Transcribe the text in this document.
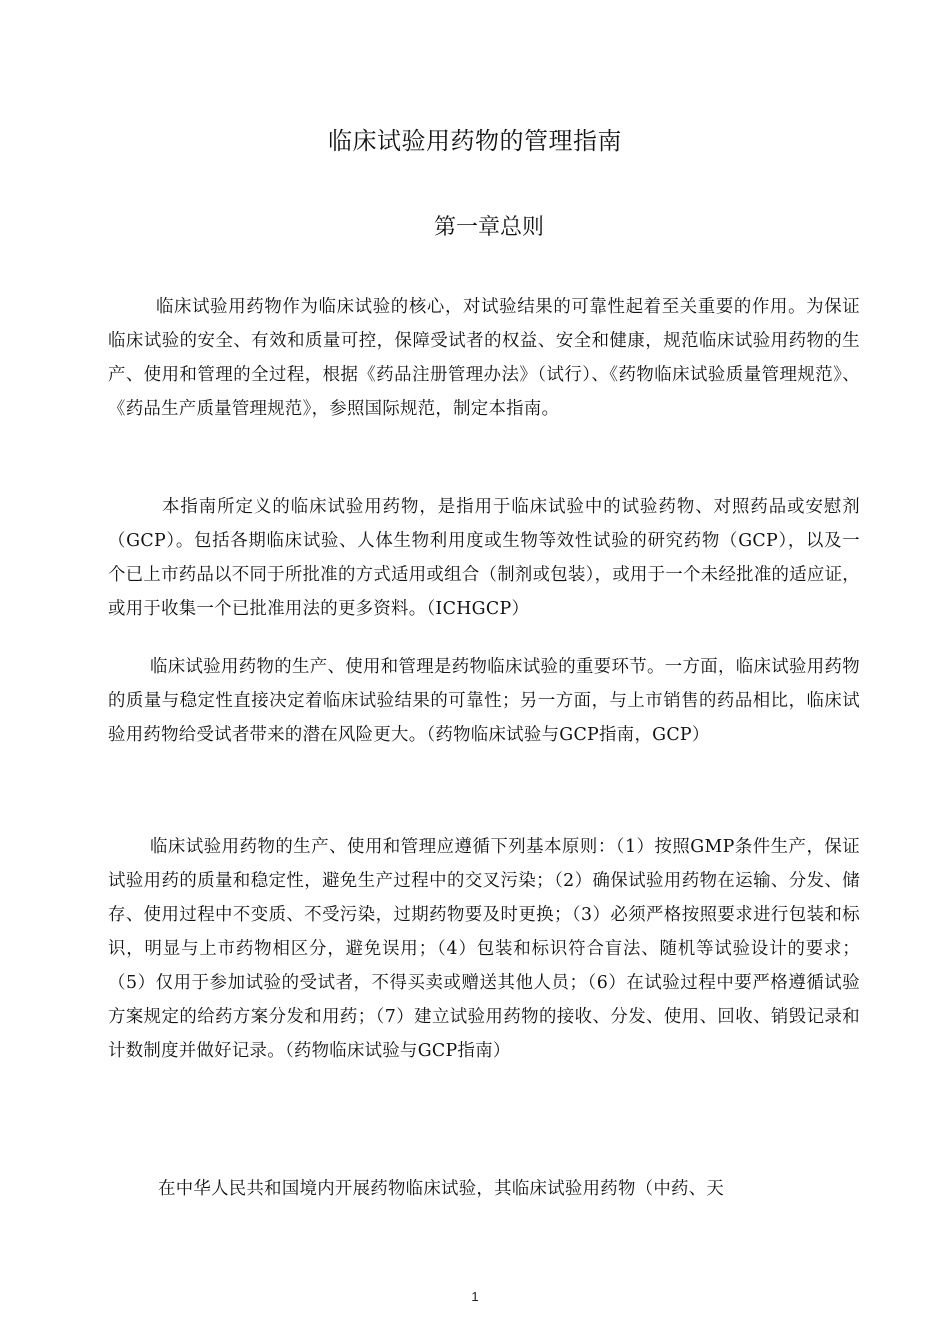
临床试验用药物的管理指南
第一章总则

临床试验用药物作为临床试验的核心，对试验结果的可靠性起着至关重要的作用。为保证临床试验的安全、有效和质量可控，保障受试者的权益、安全和健康，规范临床试验用药物的生产、使用和管理的全过程，根据《药品注册管理办法》（试行）、《药物临床试验质量管理规范》、《药品生产质量管理规范》，参照国际规范，制定本指南。

本指南所定义的临床试验用药物，是指用于临床试验中的试验药物、对照药品或安慰剂（GCP）。包括各期临床试验、人体生物利用度或生物等效性试验的研究药物（GCP），以及一个已上市药品以不同于所批准的方式适用或组合（制剂或包装），或用于一个未经批准的适应证，或用于收集一个已批准用法的更多资料。（ICHGCP）

临床试验用药物的生产、使用和管理是药物临床试验的重要环节。一方面，临床试验用药物的质量与稳定性直接决定着临床试验结果的可靠性；另一方面，与上市销售的药品相比，临床试验用药物给受试者带来的潜在风险更大。（药物临床试验与GCP指南，GCP）

临床试验用药物的生产、使用和管理应遵循下列基本原则：（1）按照GMP条件生产，保证试验用药的质量和稳定性，避免生产过程中的交叉污染；（2）确保试验用药物在运输、分发、储存、使用过程中不变质、不受污染，过期药物要及时更换；（3）必须严格按照要求进行包装和标识，明显与上市药物相区分，避免误用；（4）包装和标识符合盲法、随机等试验设计的要求；（5）仅用于参加试验的受试者，不得买卖或赠送其他人员；（6）在试验过程中要严格遵循试验方案规定的给药方案分发和用药；（7）建立试验用药物的接收、分发、使用、回收、销毁记录和计数制度并做好记录。（药物临床试验与GCP指南）

在中华人民共和国境内开展药物临床试验，其临床试验用药物（中药、天

1
